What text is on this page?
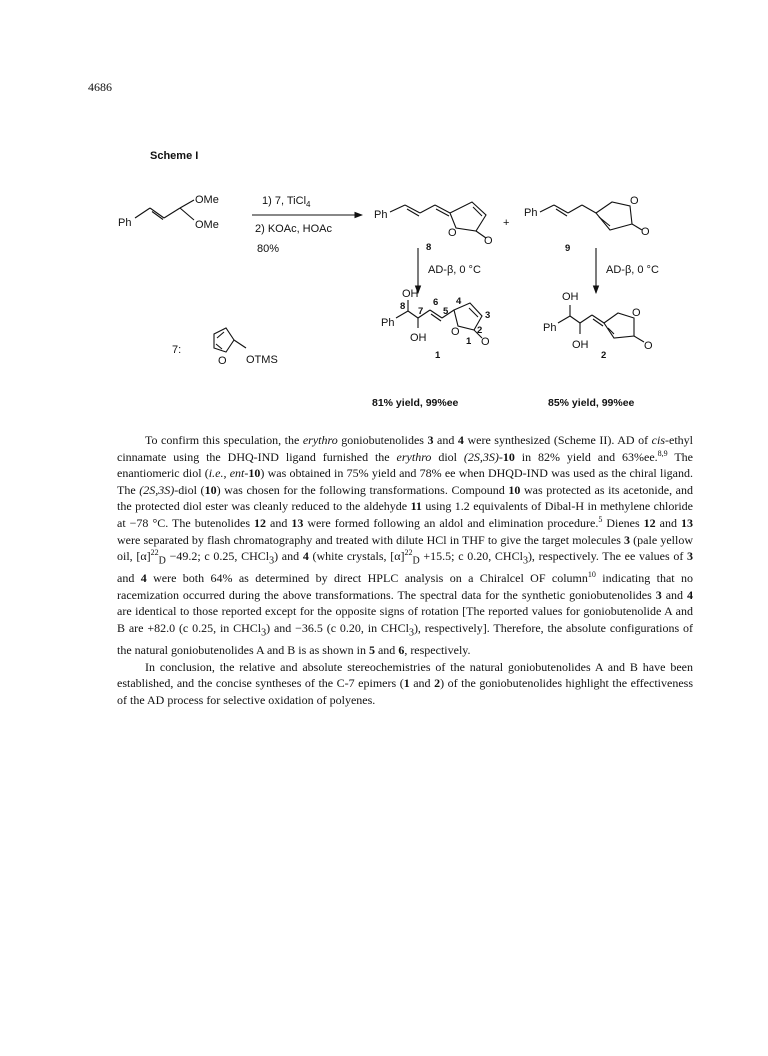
4686
Scheme I
Ph
OMe
OMe
1) 7, TiCl$_4$
2) KOAc, HOAc
80%
Ph
O
O
8
+
Ph
O
O
9
AD-β, 0 °C	AD-β, 0 °C
OH
Ph
OH O
O
8 7
6
5
4
3
2
1
1
OH
Ph
OH
O
O
2
7:
O OTMS
81% yield, 99%ee	85% yield, 99%ee

To confirm this speculation, the erythro goniobutenolides 3 and 4 were synthesized (Scheme II). AD of cis-ethyl cinnamate using the DHQ-IND ligand furnished the erythro diol (2S,3S)-10 in 82% yield and 63%ee.$^{8,9}$ The enantiomeric diol (i.e., ent-10) was obtained in 75% yield and 78% ee when DHQD-IND was used as the chiral ligand. The (2S,3S)-diol (10) was chosen for the following transformations. Compound 10 was protected as its acetonide, and the protected diol ester was cleanly reduced to the aldehyde 11 using 1.2 equivalents of Dibal-H in methylene chloride at −78 °C. The butenolides 12 and 13 were formed following an aldol and elimination procedure.$^5$ Dienes 12 and 13 were separated by flash chromatography and treated with dilute HCl in THF to give the target molecules 3 (pale yellow oil, $[\alpha]^{22}_D -49.2$; c 0.25, CHCl$_3$) and 4 (white crystals, $[\alpha]^{22}_D +15.5$; c 0.20, CHCl$_3$), respectively. The ee values of 3 and 4 were both 64% as determined by direct HPLC analysis on a Chiralcel OF column$^{10}$ indicating that no racemization occurred during the above transformations. The spectral data for the synthetic goniobutenolides 3 and 4 are identical to those reported except for the opposite signs of rotation [The reported values for goniobutenolide A and B are +82.0 (c 0.25, in CHCl$_3$) and −36.5 (c 0.20, in CHCl$_3$), respectively]. Therefore, the absolute configurations of the natural goniobutenolides A and B is as shown in 5 and 6, respectively.

In conclusion, the relative and absolute stereochemistries of the natural goniobutenolides A and B have been established, and the concise syntheses of the C-7 epimers (1 and 2) of the goniobutenolides highlight the effectiveness of the AD process for selective oxidation of polyenes.
